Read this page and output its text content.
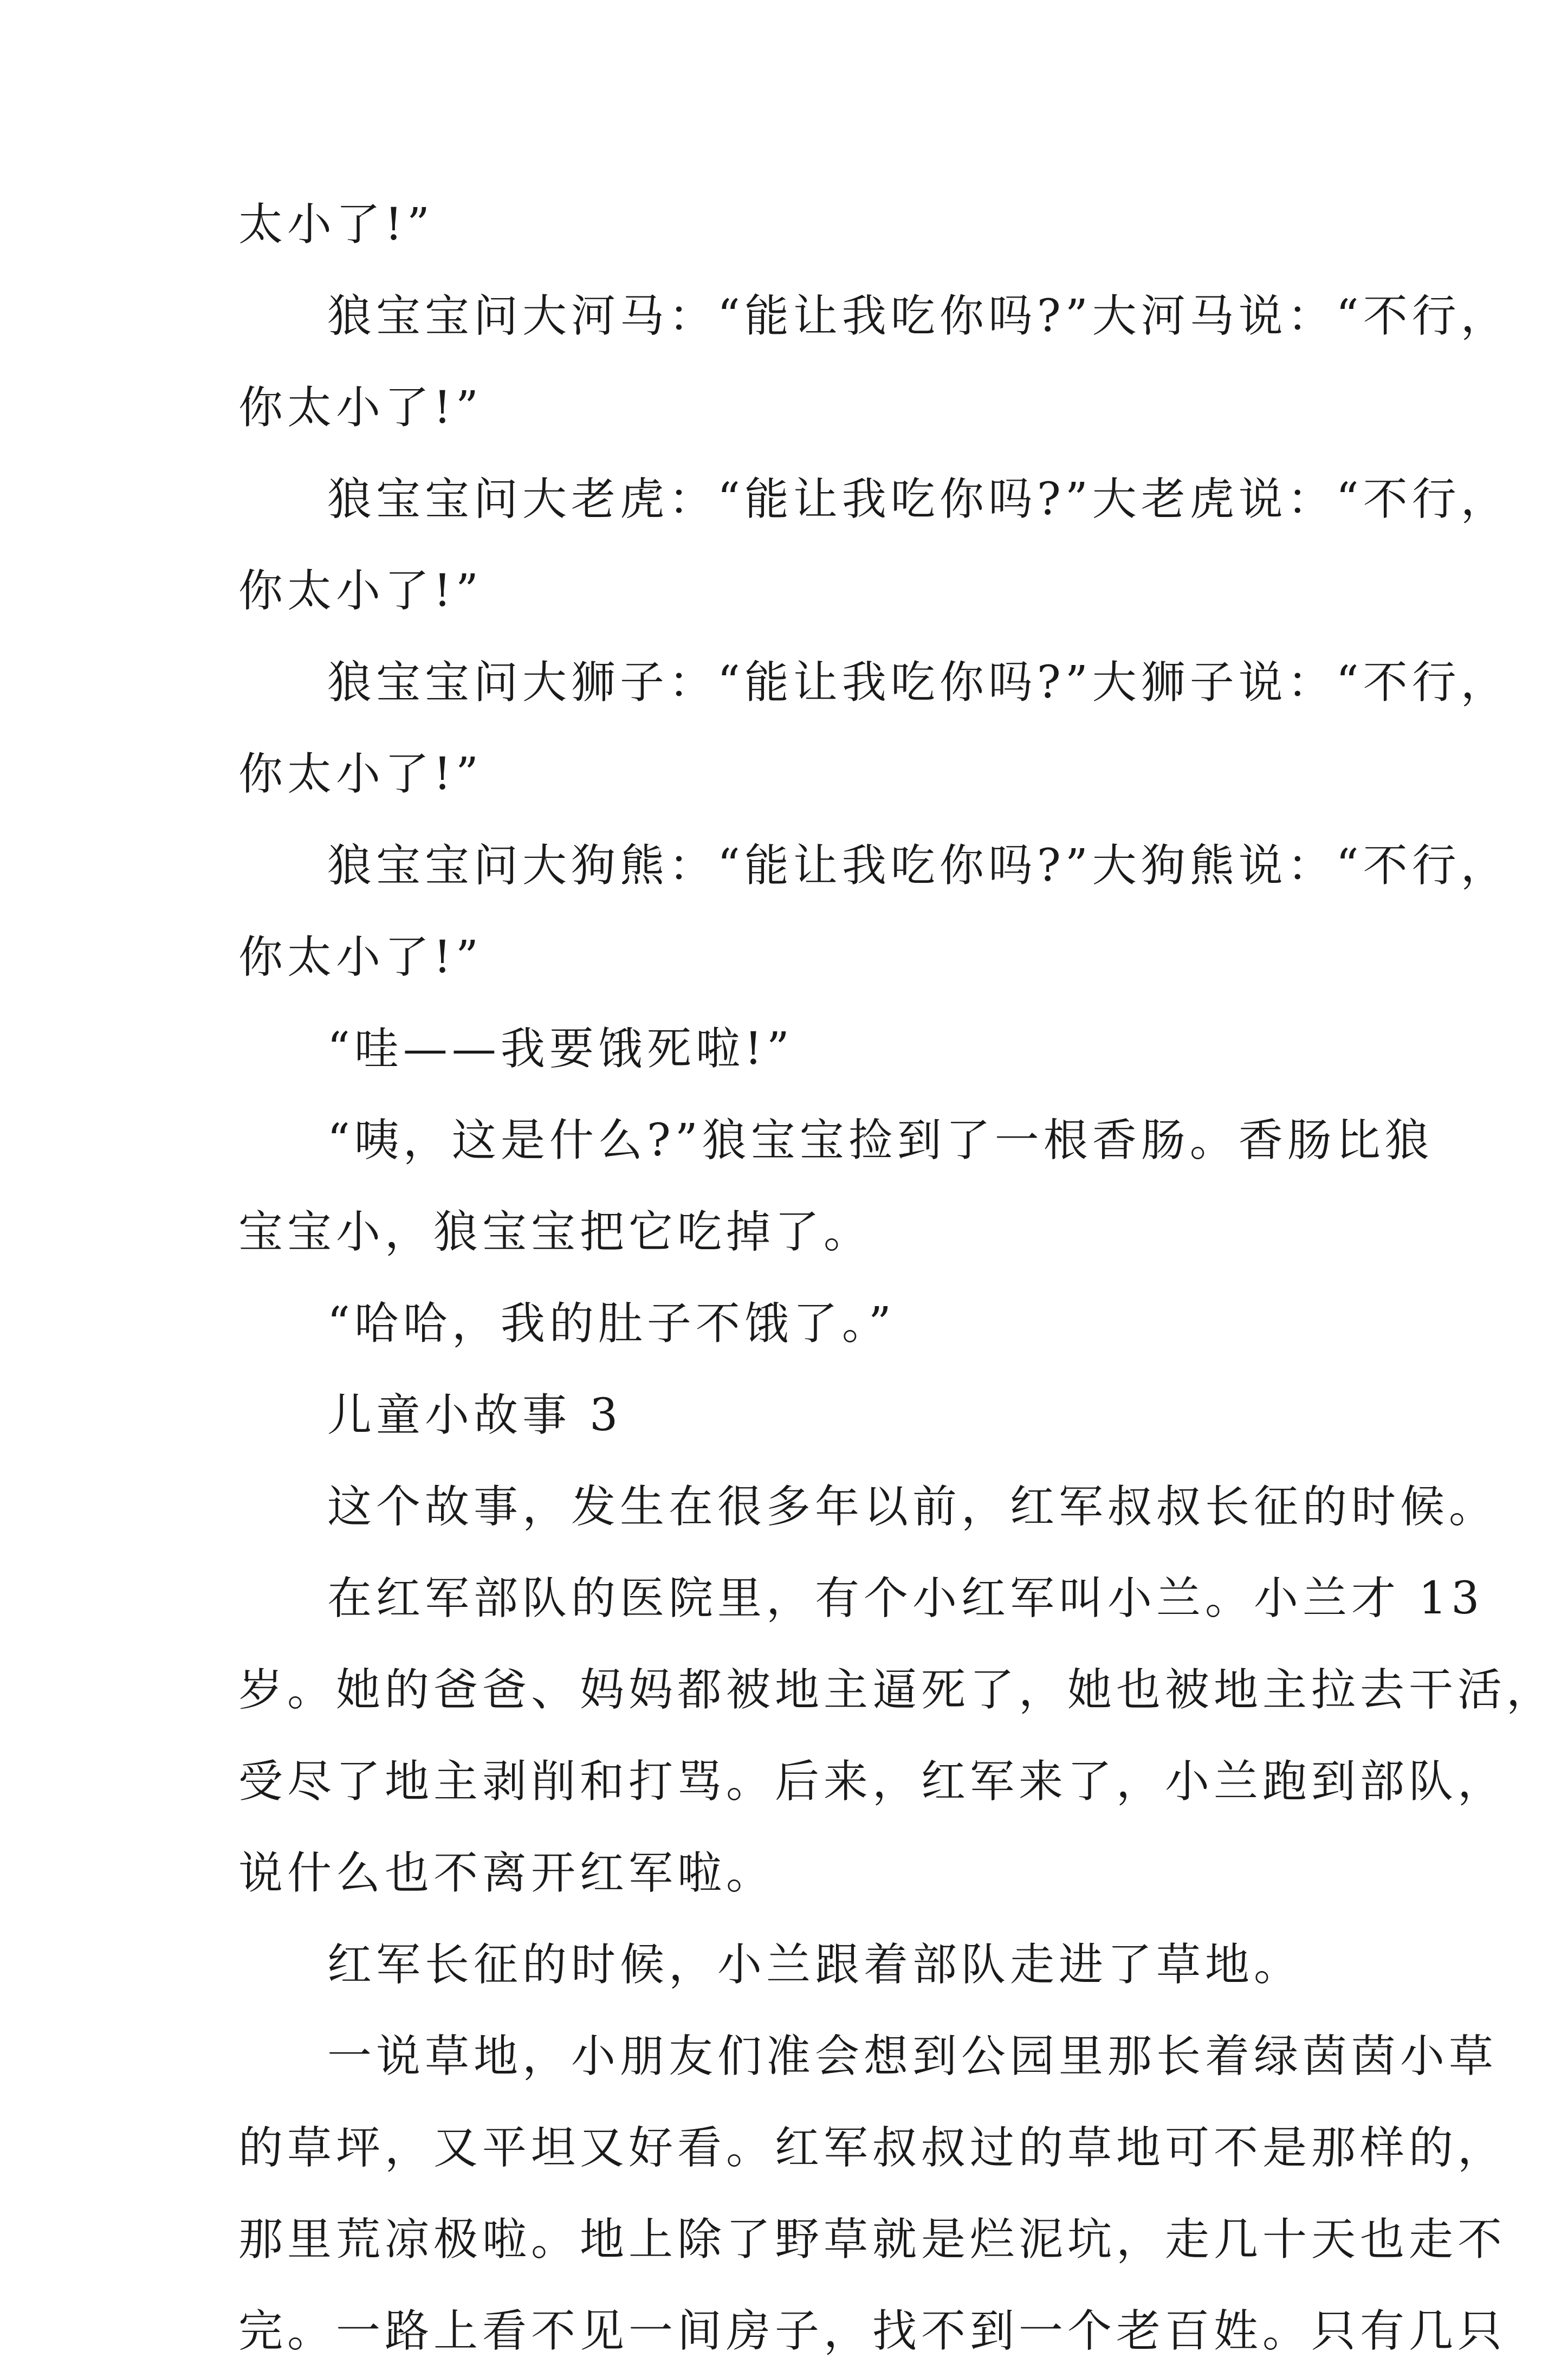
太小了!”
狼宝宝问大河马：“能让我吃你吗?”大河马说：“不行，
你太小了!”
狼宝宝问大老虎：“能让我吃你吗?”大老虎说：“不行，
你太小了!”
狼宝宝问大狮子：“能让我吃你吗?”大狮子说：“不行，
你太小了!”
狼宝宝问大狗熊：“能让我吃你吗?”大狗熊说：“不行，
你太小了!”
“哇——我要饿死啦!”
“咦，这是什么?”狼宝宝捡到了一根香肠。香肠比狼
宝宝小，狼宝宝把它吃掉了。
“哈哈，我的肚子不饿了。”
儿童小故事 3
这个故事，发生在很多年以前，红军叔叔长征的时候。
在红军部队的医院里，有个小红军叫小兰。小兰才 13
岁。她的爸爸、妈妈都被地主逼死了，她也被地主拉去干活，
受尽了地主剥削和打骂。后来，红军来了，小兰跑到部队，
说什么也不离开红军啦。
红军长征的时候，小兰跟着部队走进了草地。
一说草地，小朋友们准会想到公园里那长着绿茵茵小草
的草坪，又平坦又好看。红军叔叔过的草地可不是那样的，
那里荒凉极啦。地上除了野草就是烂泥坑，走几十天也走不
完。一路上看不见一间房子，找不到一个老百姓。只有几只
